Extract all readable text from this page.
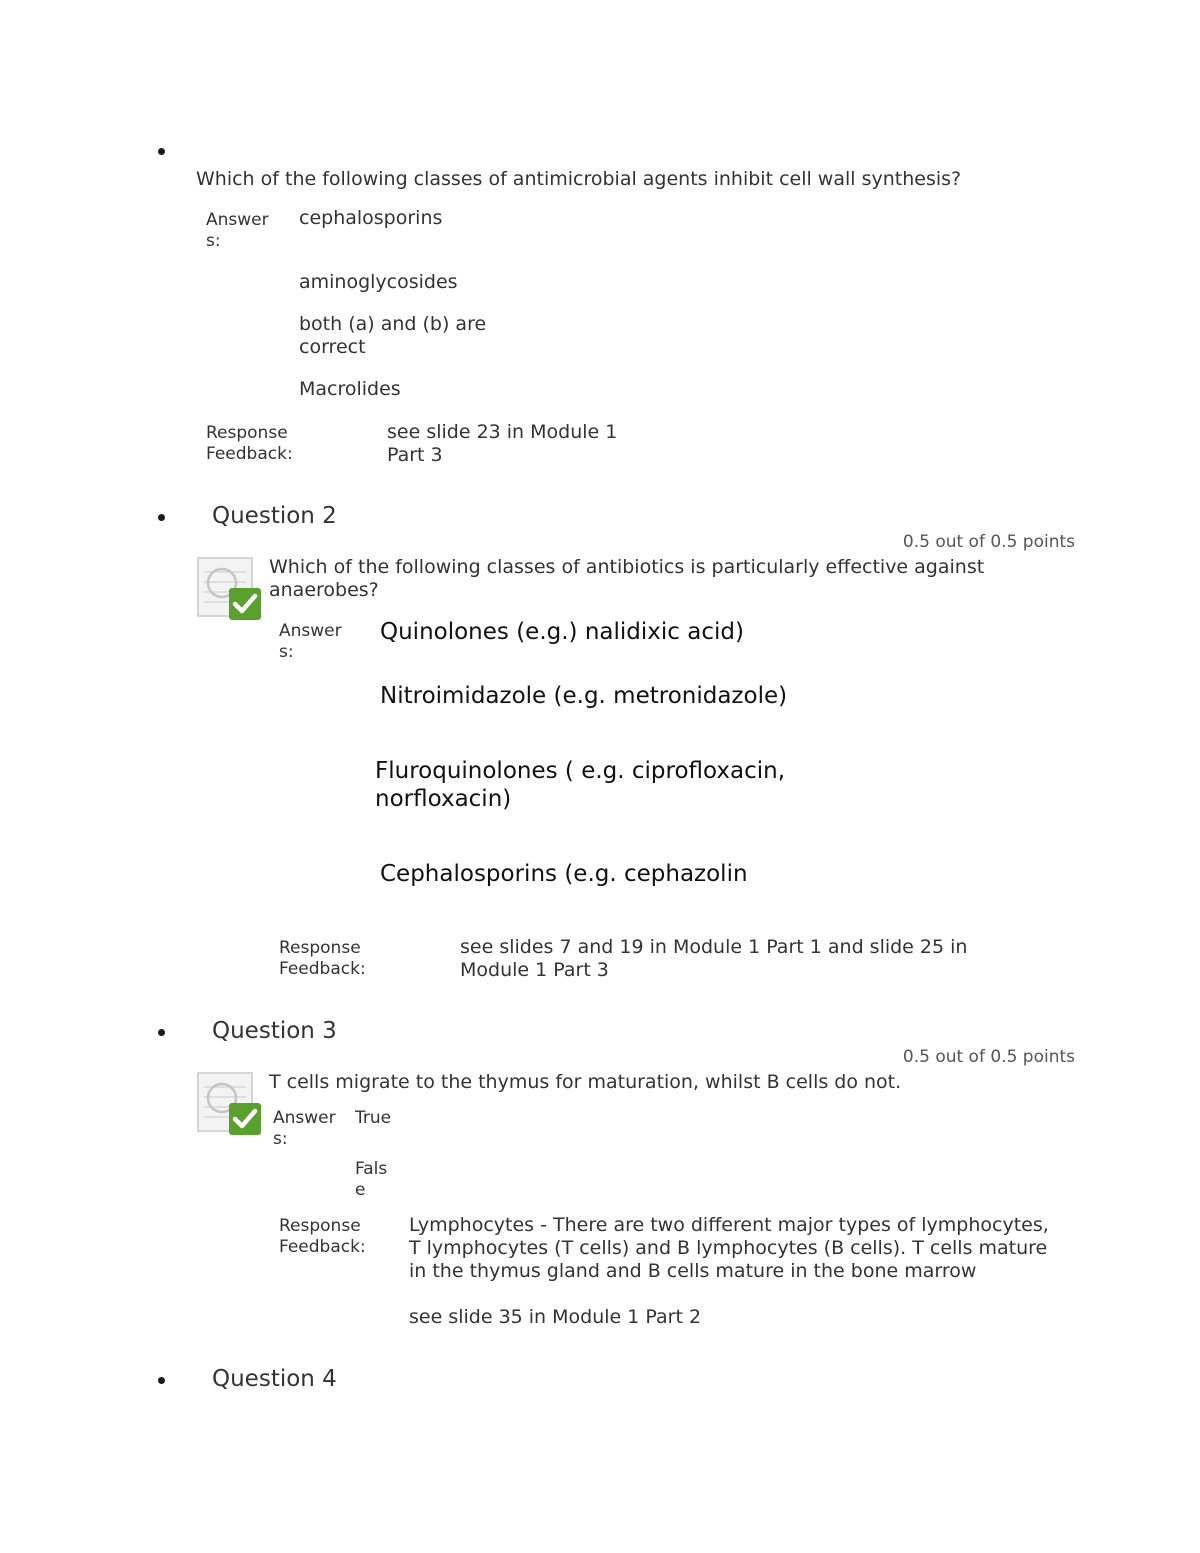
Which of the following classes of antimicrobial agents inhibit cell wall synthesis?
Answer
s:
cephalosporins
aminoglycosides
both (a) and (b) are
correct
Macrolides
Response
Feedback:
see slide 23 in Module 1
Part 3
Question 2
0.5 out of 0.5 points
Which of the following classes of antibiotics is particularly effective against
anaerobes?
Answer
s:
Quinolones (e.g.) nalidixic acid)
Nitroimidazole (e.g. metronidazole)
Fluroquinolones ( e.g. ciprofloxacin,
norfloxacin)
Cephalosporins (e.g. cephazolin
Response
Feedback:
see slides 7 and 19 in Module 1 Part 1 and slide 25 in
Module 1 Part 3
Question 3
0.5 out of 0.5 points
T cells migrate to the thymus for maturation, whilst B cells do not.
Answer
s:
True
Fals
e
Response
Feedback:
Lymphocytes - There are two different major types of lymphocytes,
T lymphocytes (T cells) and B lymphocytes (B cells). T cells mature
in the thymus gland and B cells mature in the bone marrow
see slide 35 in Module 1 Part 2
Question 4
